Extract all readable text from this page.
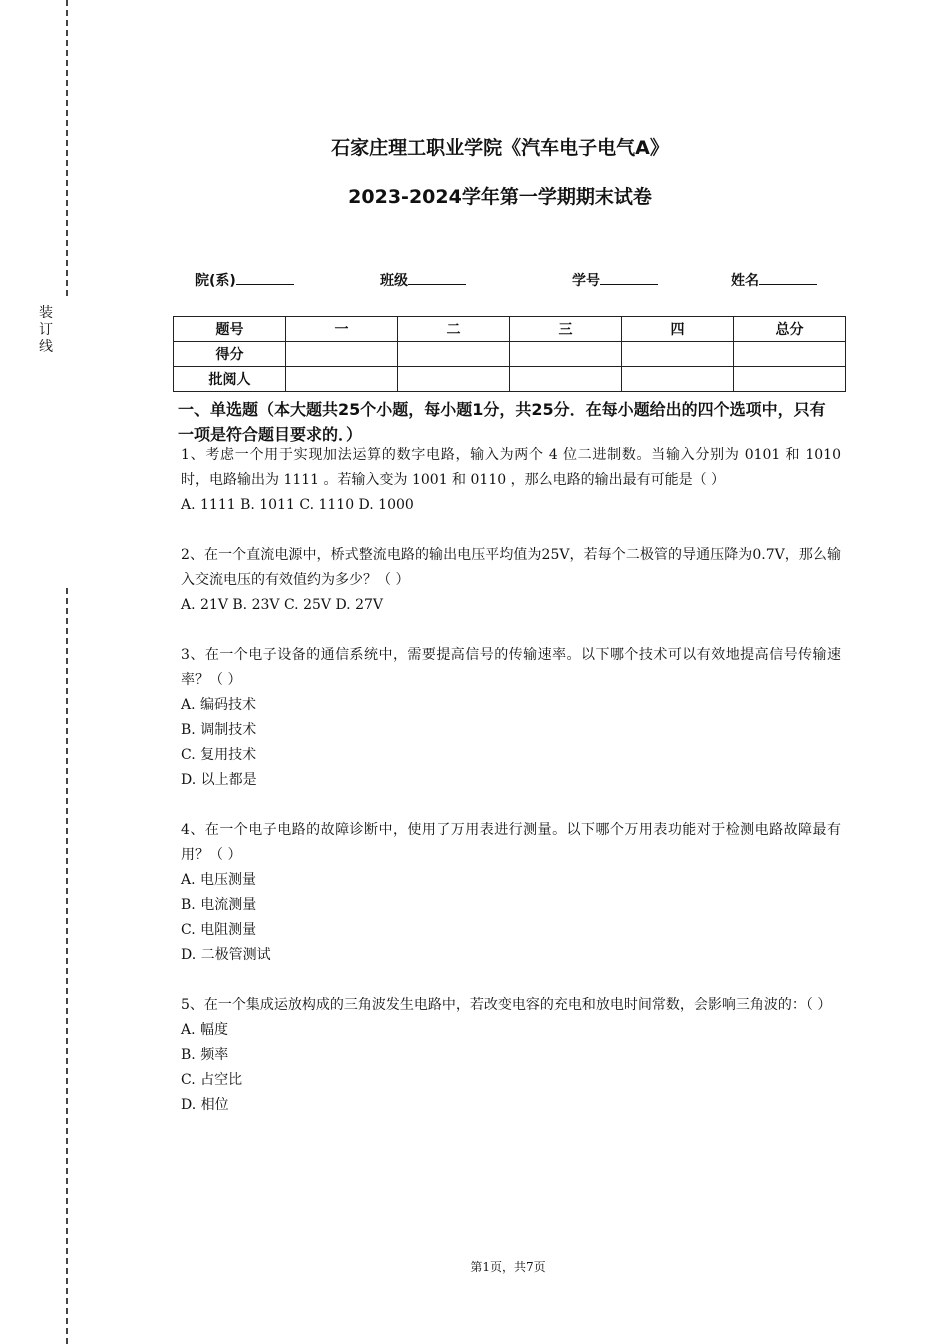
装订线
石家庄理工职业学院《汽车电子电气A》
2023-2024学年第一学期期末试卷
院(系)	班级	学号	姓名
题号	一	二	三	四	总分
得分					
批阅人					
一、单选题（本大题共25个小题，每小题1分，共25分．在每小题给出的四个选项中，只有一项是符合题目要求的．）
1、考虑一个用于实现加法运算的数字电路，输入为两个 4 位二进制数。当输入分别为 0101 和 1010 时，电路输出为 1111 。若输入变为 1001 和 0110 ，那么电路的输出最有可能是（ ）
A. 1111 B. 1011 C. 1110 D. 1000
2、在一个直流电源中，桥式整流电路的输出电压平均值为25V，若每个二极管的导通压降为0.7V，那么输入交流电压的有效值约为多少？（ ）
A. 21V B. 23V C. 25V D. 27V
3、在一个电子设备的通信系统中，需要提高信号的传输速率。以下哪个技术可以有效地提高信号传输速率？（ ）
A. 编码技术
B. 调制技术
C. 复用技术
D. 以上都是
4、在一个电子电路的故障诊断中，使用了万用表进行测量。以下哪个万用表功能对于检测电路故障最有用？（ ）
A. 电压测量
B. 电流测量
C. 电阻测量
D. 二极管测试
5、在一个集成运放构成的三角波发生电路中，若改变电容的充电和放电时间常数，会影响三角波的：（ ）
A. 幅度
B. 频率
C. 占空比
D. 相位
第1页，共7页
